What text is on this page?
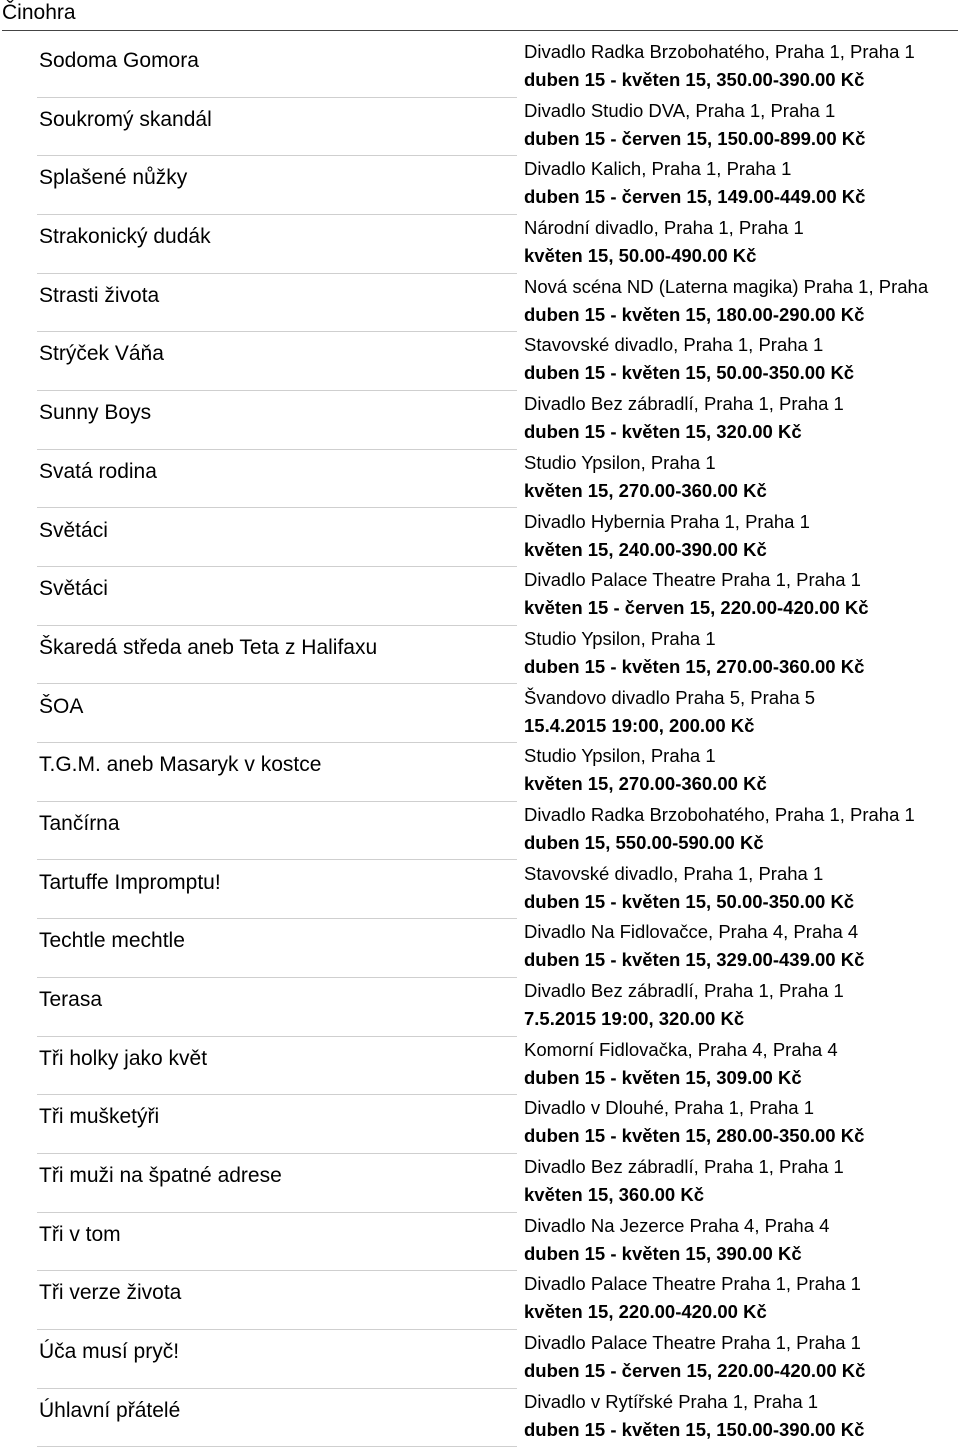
Činohra
Sodoma Gomora	Divadlo Radka Brzobohatého, Praha 1, Praha 1
duben 15 - květen 15, 350.00-390.00 Kč
Soukromý skandál	Divadlo Studio DVA, Praha 1, Praha 1
duben 15 - červen 15, 150.00-899.00 Kč
Splašené nůžky	Divadlo Kalich, Praha 1, Praha 1
duben 15 - červen 15, 149.00-449.00 Kč
Strakonický dudák	Národní divadlo, Praha 1, Praha 1
květen 15, 50.00-490.00 Kč
Strasti života	Nová scéna ND (Laterna magika) Praha 1, Praha
duben 15 - květen 15, 180.00-290.00 Kč
Strýček Váňa	Stavovské divadlo, Praha 1, Praha 1
duben 15 - květen 15, 50.00-350.00 Kč
Sunny Boys	Divadlo Bez zábradlí, Praha 1, Praha 1
duben 15 - květen 15, 320.00 Kč
Svatá rodina	Studio Ypsilon, Praha 1
květen 15, 270.00-360.00 Kč
Světáci	Divadlo Hybernia Praha 1, Praha 1
květen 15, 240.00-390.00 Kč
Světáci	Divadlo Palace Theatre Praha 1, Praha 1
květen 15 - červen 15, 220.00-420.00 Kč
Škaredá středa aneb Teta z Halifaxu	Studio Ypsilon, Praha 1
duben 15 - květen 15, 270.00-360.00 Kč
ŠOA	Švandovo divadlo Praha 5, Praha 5
15.4.2015 19:00, 200.00 Kč
T.G.M. aneb Masaryk v kostce	Studio Ypsilon, Praha 1
květen 15, 270.00-360.00 Kč
Tančírna	Divadlo Radka Brzobohatého, Praha 1, Praha 1
duben 15, 550.00-590.00 Kč
Tartuffe Impromptu!	Stavovské divadlo, Praha 1, Praha 1
duben 15 - květen 15, 50.00-350.00 Kč
Techtle mechtle	Divadlo Na Fidlovačce, Praha 4, Praha 4
duben 15 - květen 15, 329.00-439.00 Kč
Terasa	Divadlo Bez zábradlí, Praha 1, Praha 1
7.5.2015 19:00, 320.00 Kč
Tři holky jako květ	Komorní Fidlovačka, Praha 4, Praha 4
duben 15 - květen 15, 309.00 Kč
Tři mušketýři	Divadlo v Dlouhé, Praha 1, Praha 1
duben 15 - květen 15, 280.00-350.00 Kč
Tři muži na špatné adrese	Divadlo Bez zábradlí, Praha 1, Praha 1
květen 15, 360.00 Kč
Tři v tom	Divadlo Na Jezerce Praha 4, Praha 4
duben 15 - květen 15, 390.00 Kč
Tři verze života	Divadlo Palace Theatre Praha 1, Praha 1
květen 15, 220.00-420.00 Kč
Úča musí pryč!	Divadlo Palace Theatre Praha 1, Praha 1
duben 15 - červen 15, 220.00-420.00 Kč
Úhlavní přátelé	Divadlo v Rytířské Praha 1, Praha 1
duben 15 - květen 15, 150.00-390.00 Kč
